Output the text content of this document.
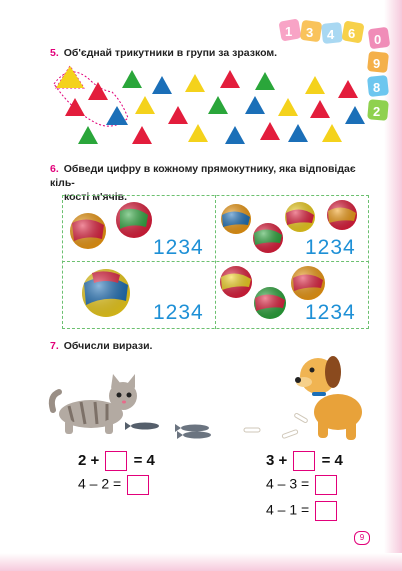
1 3 4 6 0
9
8
2
5. Об'єднай трикутники в групи за зразком.
6. Обведи цифру в кожному прямокутнику, яка відповідає кіль-
кості м'ячів.
1234	1234
1234	1234
7. Обчисли вирази.
2 + = 4
4 – 2 =
3 + = 4
4 – 3 =
4 – 1 =
9
